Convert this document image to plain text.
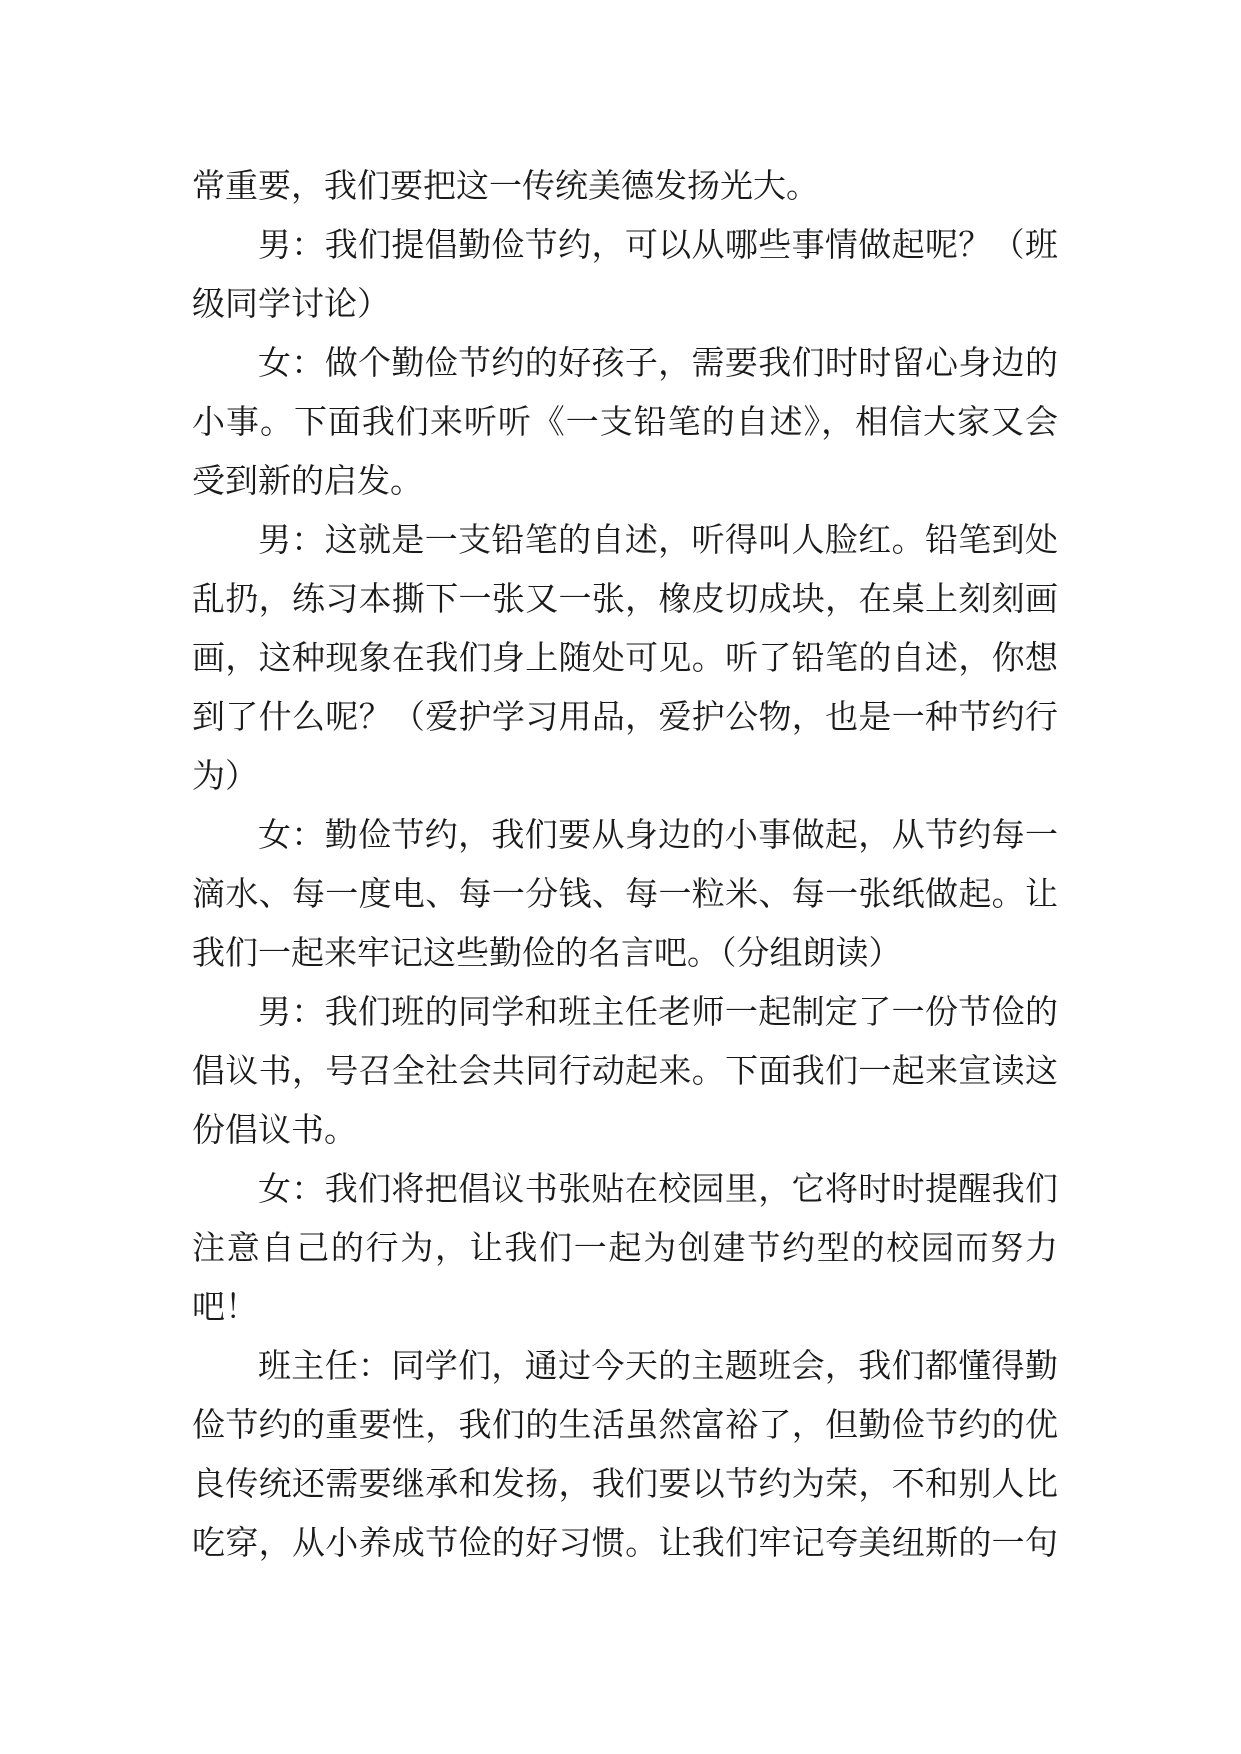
常重要，我们要把这一传统美德发扬光大。
男：我们提倡勤俭节约，可以从哪些事情做起呢？（班
级同学讨论）
女：做个勤俭节约的好孩子，需要我们时时留心身边的
小事。下面我们来听听《一支铅笔的自述》，相信大家又会
受到新的启发。
男：这就是一支铅笔的自述，听得叫人脸红。铅笔到处
乱扔，练习本撕下一张又一张，橡皮切成块，在桌上刻刻画
画，这种现象在我们身上随处可见。听了铅笔的自述，你想
到了什么呢？（爱护学习用品，爱护公物，也是一种节约行
为）
女：勤俭节约，我们要从身边的小事做起，从节约每一
滴水、每一度电、每一分钱、每一粒米、每一张纸做起。让
我们一起来牢记这些勤俭的名言吧。（分组朗读）
男：我们班的同学和班主任老师一起制定了一份节俭的
倡议书，号召全社会共同行动起来。下面我们一起来宣读这
份倡议书。
女：我们将把倡议书张贴在校园里，它将时时提醒我们
注意自己的行为，让我们一起为创建节约型的校园而努力
吧！
班主任：同学们，通过今天的主题班会，我们都懂得勤
俭节约的重要性，我们的生活虽然富裕了，但勤俭节约的优
良传统还需要继承和发扬，我们要以节约为荣，不和别人比
吃穿，从小养成节俭的好习惯。让我们牢记夸美纽斯的一句
